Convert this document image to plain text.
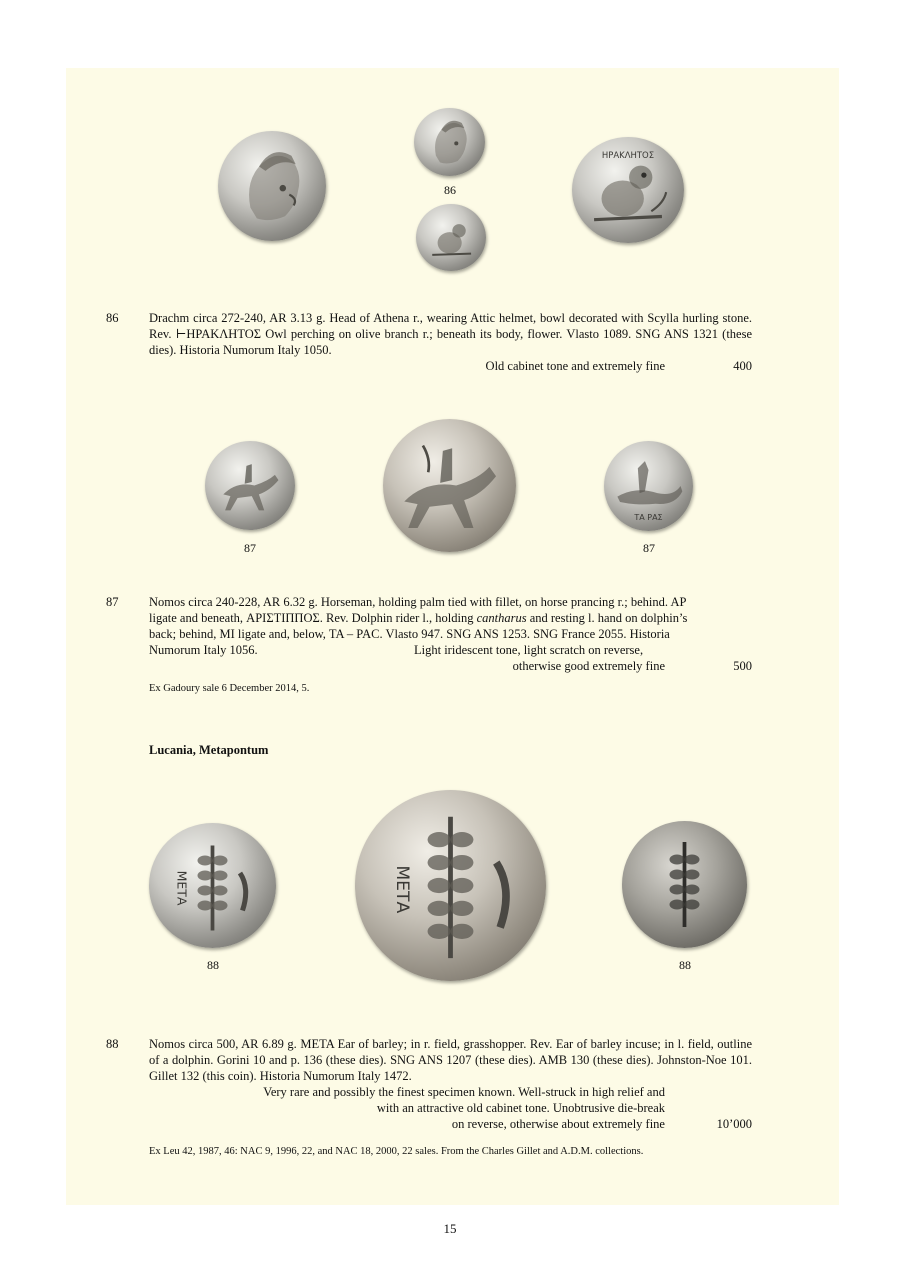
86
ΗΡΑΚΛΗΤΟΣ
86	Drachm circa 272-240, AR 3.13 g. Head of Athena r., wearing Attic helmet, bowl decorated with Scylla hurling stone. Rev. ⊢ΗΡΑΚΛΗΤΟΣ Owl perching on olive branch r.; beneath its body, flower. Vlasto 1089. SNG ANS 1321 (these dies). Historia Numorum Italy 1050.
Old cabinet tone and extremely fine	400
ΤΑ ΡΑΣ
87	87
87	Nomos circa 240-228, AR 6.32 g. Horseman, holding palm tied with fillet, on horse prancing r.; behind. AP
ligate and beneath, ΑΡΙΣΤΙΠΠΟΣ. Rev. Dolphin rider l., holding cantharus and resting l. hand on dolphin’s
back; behind, MI ligate and, below, TA – PAC. Vlasto 947. SNG ANS 1253. SNG France 2055. Historia
Numorum Italy 1056.	Light iridescent tone, light scratch on reverse,
otherwise good extremely fine	500
Ex Gadoury sale 6 December 2014, 5.
Lucania, Metapontum
ΜΕΤΑ	ΜΕΤΑ
88	88
88	Nomos circa 500, AR 6.89 g. META Ear of barley; in r. field, grasshopper. Rev. Ear of barley incuse; in l. field, outline of a dolphin. Gorini 10 and p. 136 (these dies). SNG ANS 1207 (these dies). AMB 130 (these dies). Johnston-Noe 101. Gillet 132 (this coin). Historia Numorum Italy 1472.
Very rare and possibly the finest specimen known. Well-struck in high relief and
with an attractive old cabinet tone. Unobtrusive die-break
on reverse, otherwise about extremely fine	10’000
Ex Leu 42, 1987, 46: NAC 9, 1996, 22, and NAC 18, 2000, 22 sales. From the Charles Gillet and A.D.M. collections.
15
